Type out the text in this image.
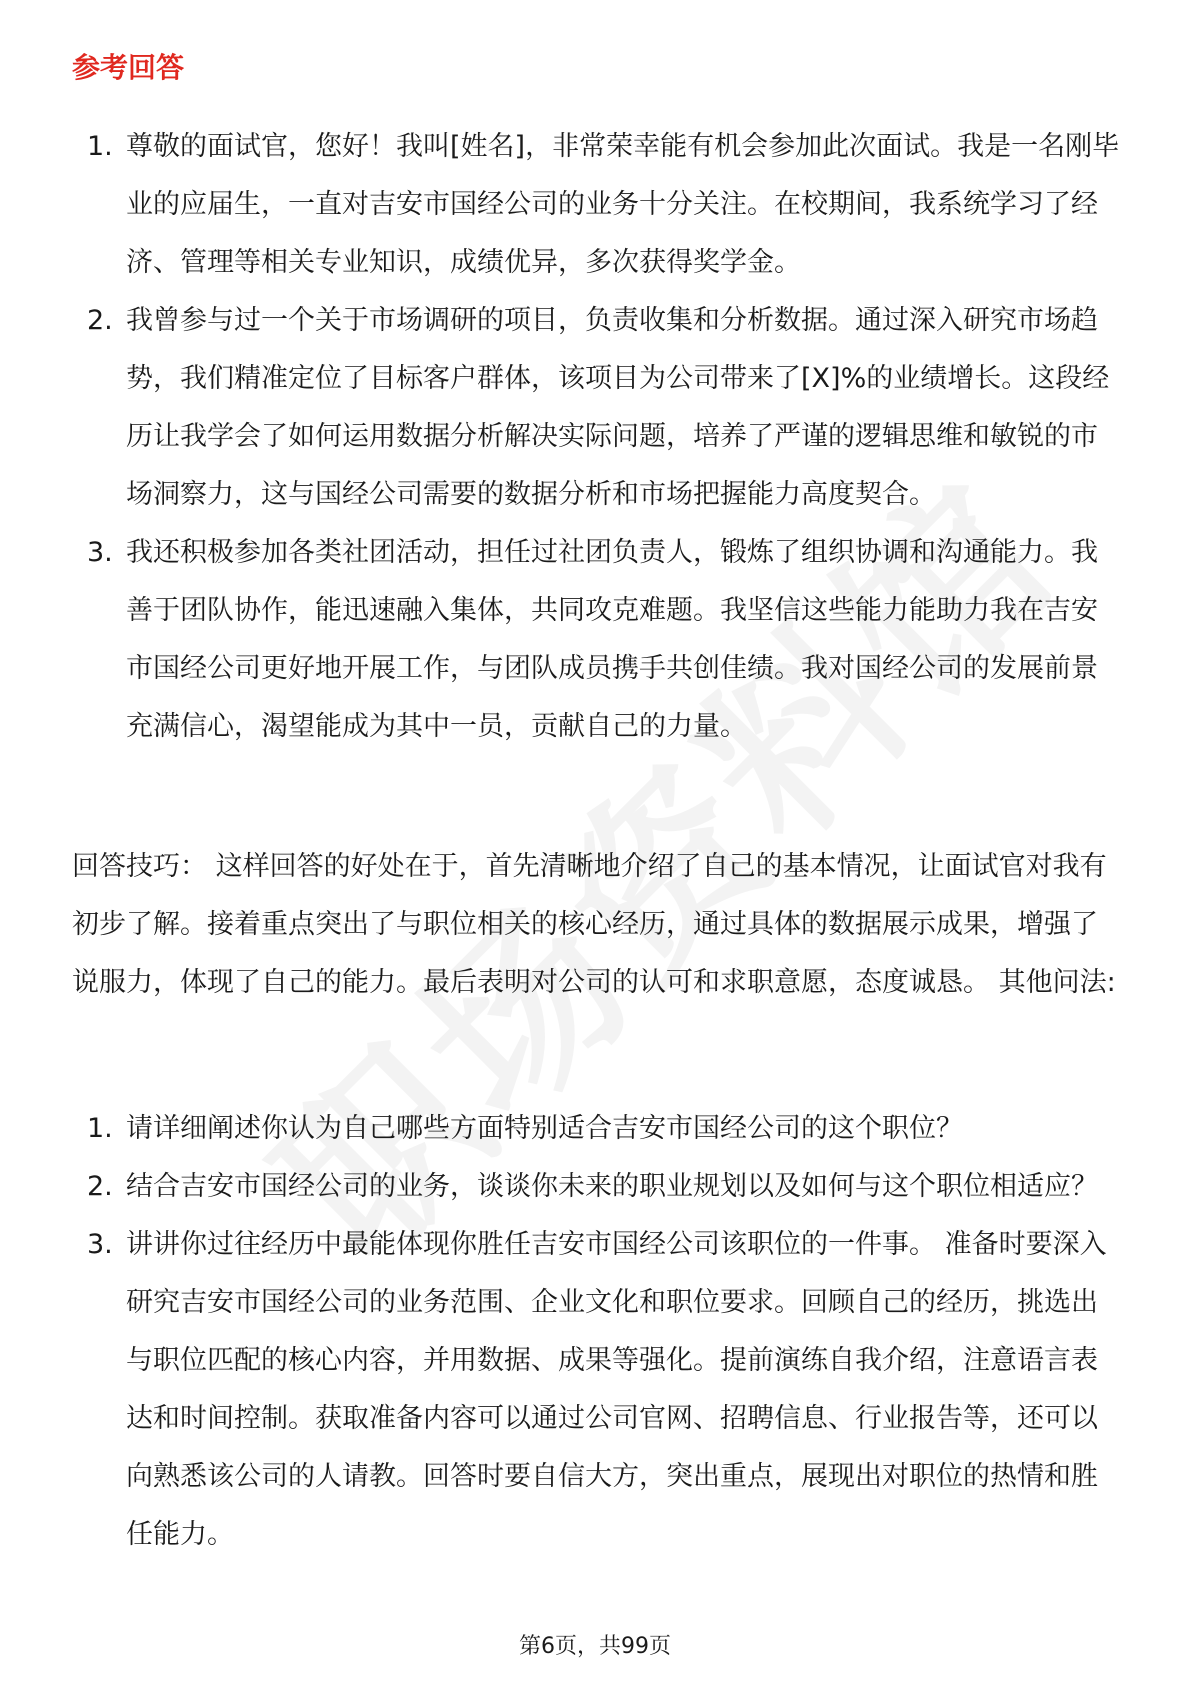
参考回答
1. 尊敬的面试官，您好！我叫[姓名]，非常荣幸能有机会参加此次面试。我是一名刚毕业的应届生，一直对吉安市国经公司的业务十分关注。在校期间，我系统学习了经济、管理等相关专业知识，成绩优异，多次获得奖学金。
2. 我曾参与过一个关于市场调研的项目，负责收集和分析数据。通过深入研究市场趋势，我们精准定位了目标客户群体，该项目为公司带来了[X]%的业绩增长。这段经历让我学会了如何运用数据分析解决实际问题，培养了严谨的逻辑思维和敏锐的市场洞察力，这与国经公司需要的数据分析和市场把握能力高度契合。
3. 我还积极参加各类社团活动，担任过社团负责人，锻炼了组织协调和沟通能力。我善于团队协作，能迅速融入集体，共同攻克难题。我坚信这些能力能助力我在吉安市国经公司更好地开展工作，与团队成员携手共创佳绩。我对国经公司的发展前景充满信心，渴望能成为其中一员，贡献自己的力量。

回答技巧： 这样回答的好处在于，首先清晰地介绍了自己的基本情况，让面试官对我有初步了解。接着重点突出了与职位相关的核心经历，通过具体的数据展示成果，增强了说服力，体现了自己的能力。最后表明对公司的认可和求职意愿，态度诚恳。 其他问法:

1. 请详细阐述你认为自己哪些方面特别适合吉安市国经公司的这个职位？
2. 结合吉安市国经公司的业务，谈谈你未来的职业规划以及如何与这个职位相适应？
3. 讲讲你过往经历中最能体现你胜任吉安市国经公司该职位的一件事。 准备时要深入研究吉安市国经公司的业务范围、企业文化和职位要求。回顾自己的经历，挑选出与职位匹配的核心内容，并用数据、成果等强化。提前演练自我介绍，注意语言表达和时间控制。获取准备内容可以通过公司官网、招聘信息、行业报告等，还可以向熟悉该公司的人请教。回答时要自信大方，突出重点，展现出对职位的热情和胜任能力。
第6页，共99页
